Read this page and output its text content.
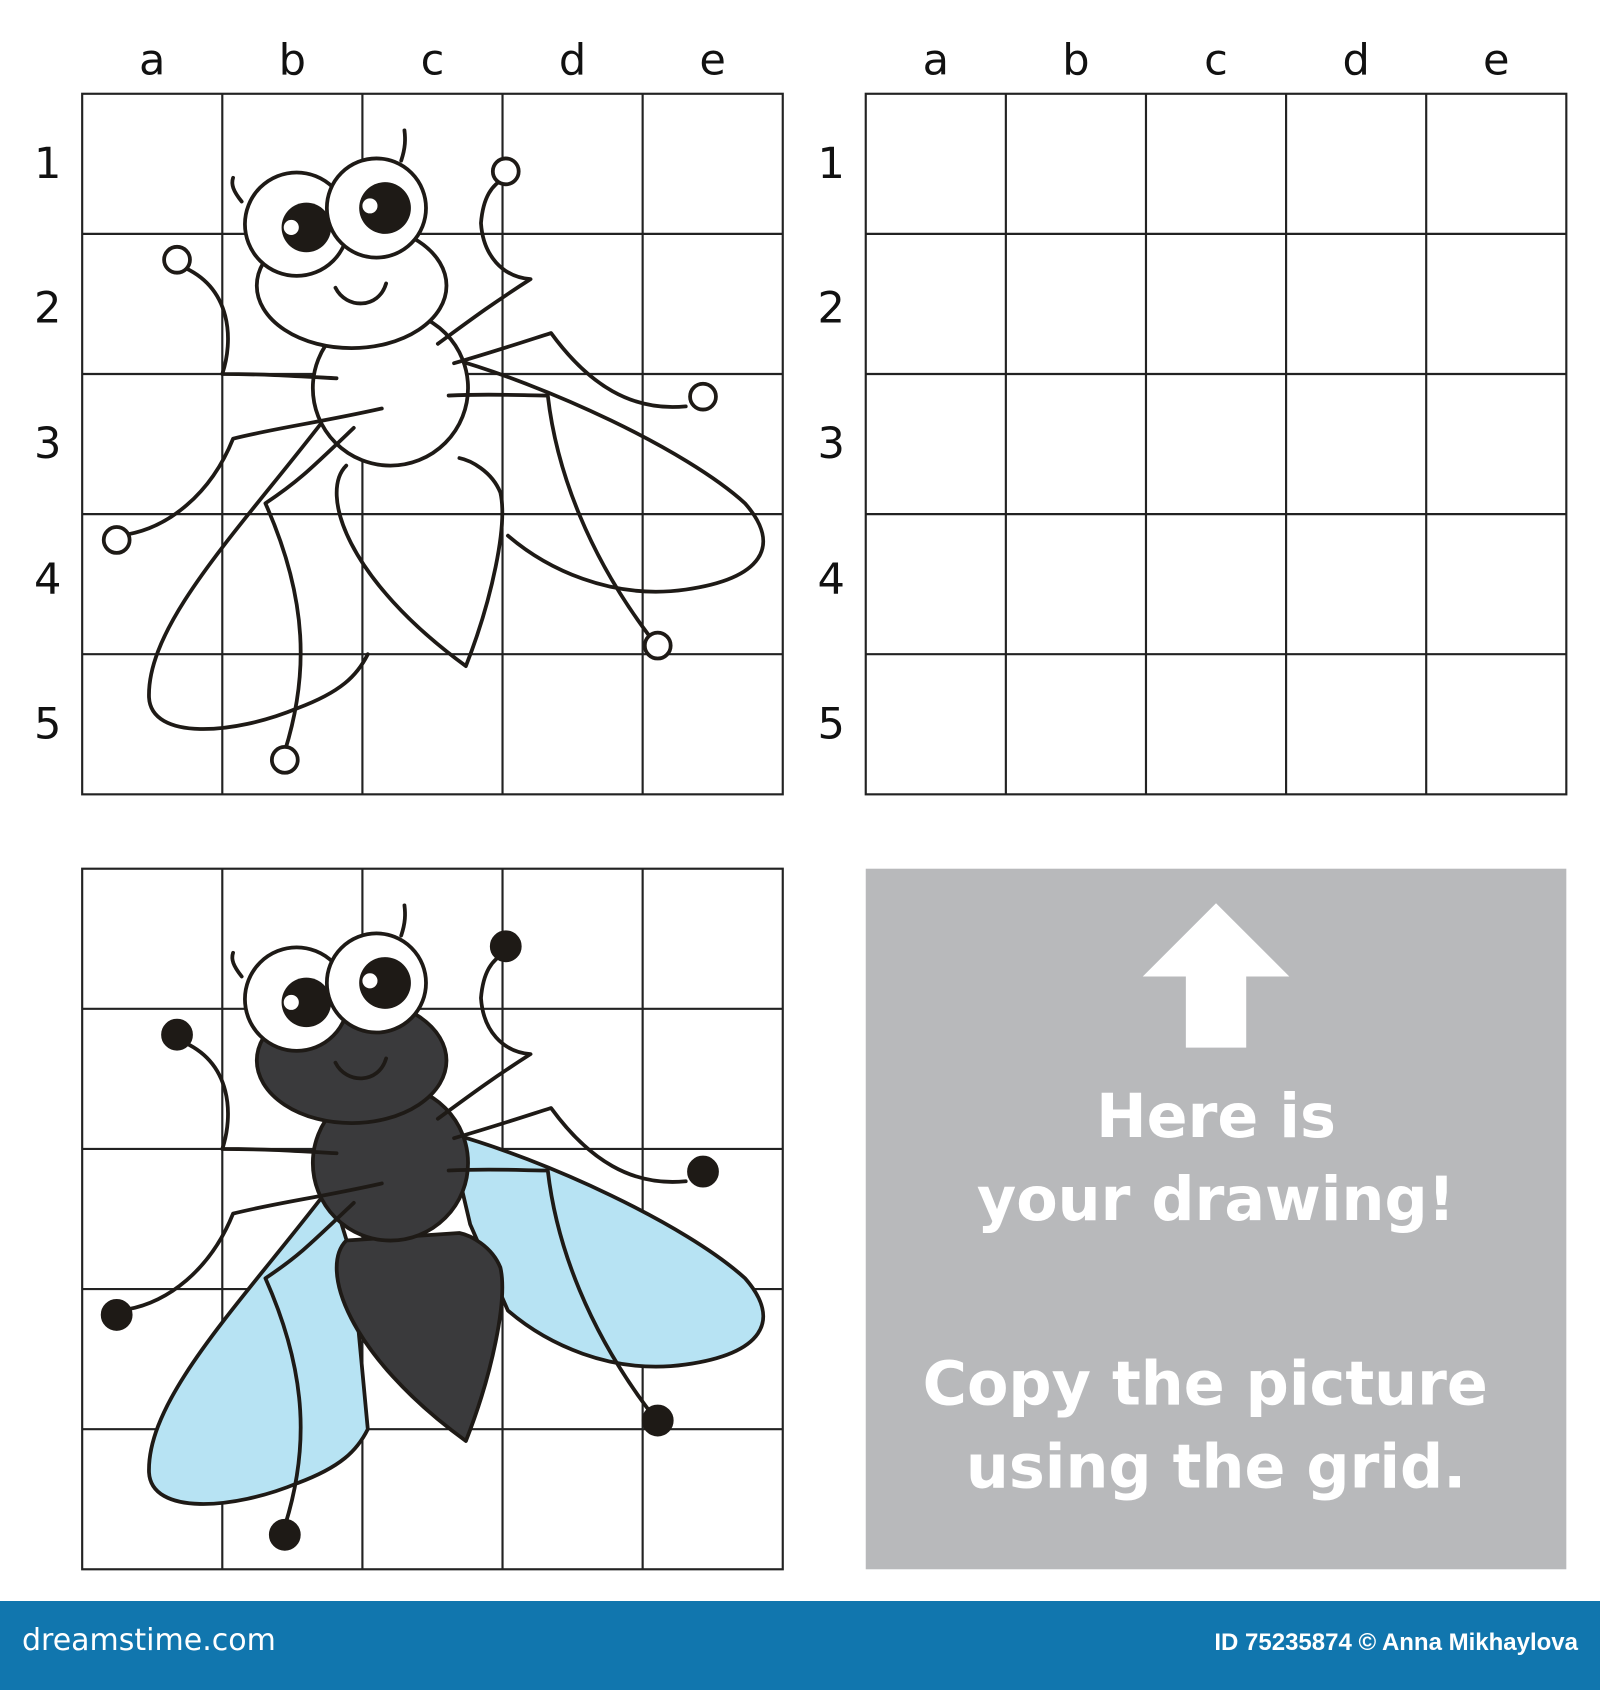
a	b	c	d	e
1
2
3
4
5
a	b	c	d	e
1
2
3
4
5
Here is
your drawing!
Copy the picture
using the grid.
dreamstime.com	ID 75235874 © Anna Mikhaylova
